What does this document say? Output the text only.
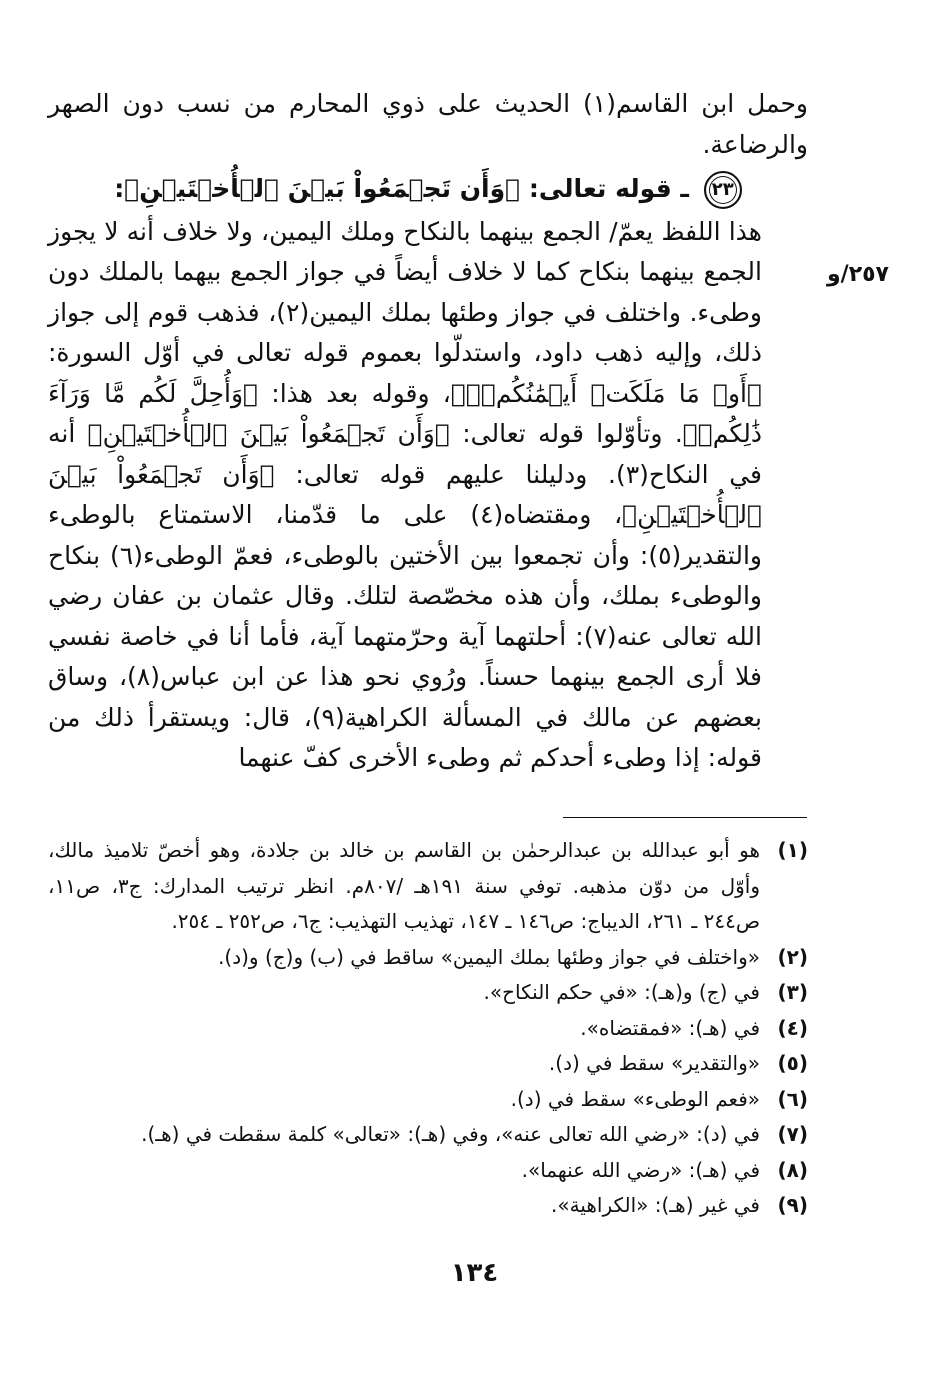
٢٥٧/و

وحمل ابن القاسم(١) الحديث على ذوي المحارم من نسب دون الصهر والرضاعة.

٢٣ ـ قوله تعالى: ﴿وَأَن تَجۡمَعُواْ بَيۡنَ ٱلۡأُخۡتَيۡنِ﴾:

هذا اللفظ يعمّ/ الجمع بينهما بالنكاح وملك اليمين، ولا خلاف أنه لا يجوز الجمع بينهما بنكاح كما لا خلاف أيضاً في جواز الجمع بيهما بالملك دون وطىء. واختلف في جواز وطئها بملك اليمين(٢)، فذهب قوم إلى جواز ذلك، وإليه ذهب داود، واستدلّوا بعموم قوله تعالى في أوّل السورة: ﴿أَوۡ مَا مَلَكَتۡ أَيۡمَٰنُكُمۡۚ﴾، وقوله بعد هذا: ﴿وَأُحِلَّ لَكُم مَّا وَرَآءَ ذَٰلِكُمۡ﴾. وتأوّلوا قوله تعالى: ﴿وَأَن تَجۡمَعُواْ بَيۡنَ ٱلۡأُخۡتَيۡنِ﴾ أنه في النكاح(٣). ودليلنا عليهم قوله تعالى: ﴿وَأَن تَجۡمَعُواْ بَيۡنَ ٱلۡأُخۡتَيۡنِ﴾، ومقتضاه(٤) على ما قدّمنا، الاستمتاع بالوطىء والتقدير(٥): وأن تجمعوا بين الأختين بالوطىء، فعمّ الوطىء(٦) بنكاح والوطىء بملك، وأن هذه مخصّصة لتلك. وقال عثمان بن عفان رضي الله تعالى عنه(٧): أحلتهما آية وحرّمتهما آية، فأما أنا في خاصة نفسي فلا أرى الجمع بينهما حسناً. ورُوي نحو هذا عن ابن عباس(٨)، وساق بعضهم عن مالك في المسألة الكراهية(٩)، قال: ويستقرأ ذلك من قوله: إذا وطىء أحدكم ثم وطىء الأخرى كفّ عنهما

(١)
هو أبو عبدالله بن عبدالرحمٰن بن القاسم بن خالد بن جلادة، وهو أخصّ تلاميذ مالك، وأوّل من دوّن مذهبه. توفي سنة ١٩١هـ /٨٠٧م. انظر ترتيب المدارك: ج٣، ص١١، ص٢٤٤ ـ ٢٦١، الديباج: ص١٤٦ ـ ١٤٧، تهذيب التهذيب: ج٦، ص٢٥٢ ـ ٢٥٤.
(٢)
«واختلف في جواز وطئها بملك اليمين» ساقط في (ب) و(ج) و(د).
(٣)
في (ج) و(هـ): «في حكم النكاح».
(٤)
في (هـ): «فمقتضاه».
(٥)
«والتقدير» سقط في (د).
(٦)
«فعم الوطىء» سقط في (د).
(٧)
في (د): «رضي الله تعالى عنه»، وفي (هـ): «تعالى» كلمة سقطت في (هـ).
(٨)
في (هـ): «رضي الله عنهما».
(٩)
في غير (هـ): «الكراهية».
١٣٤
